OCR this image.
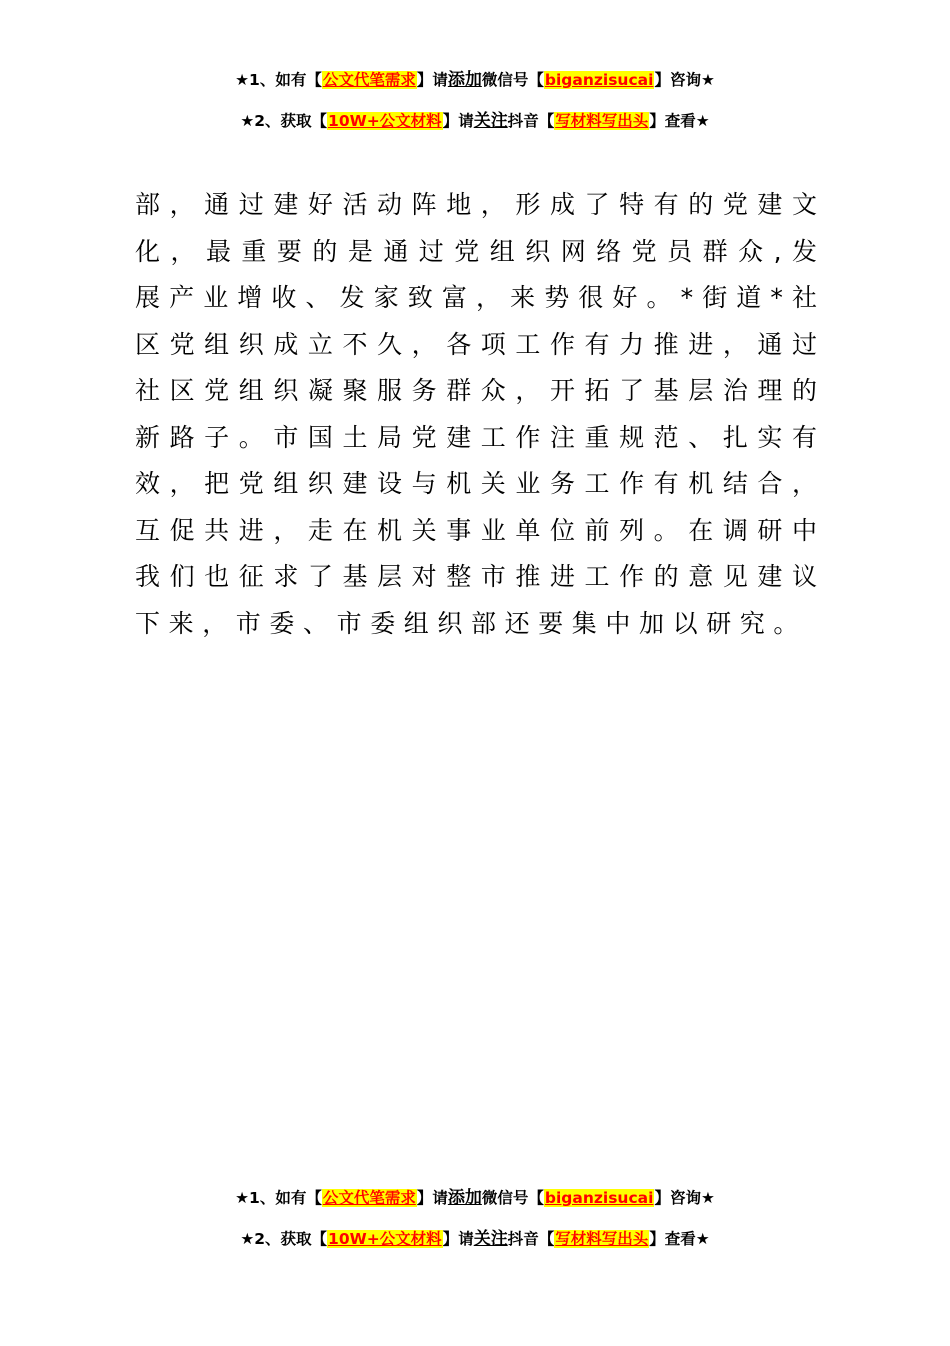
★1、如有【公文代笔需求】请添加微信号【biganzisucai】咨询★
★2、获取【10W+公文材料】请关注抖音【写材料写出头】查看★
部，通过建好活动阵地，形成了特有的党建文
化，最重要的是通过党组织网络党员群众,发
展产业增收、发家致富，来势很好。*街道*社
区党组织成立不久，各项工作有力推进，通过
社区党组织凝聚服务群众，开拓了基层治理的
新路子。市国土局党建工作注重规范、扎实有
效，把党组织建设与机关业务工作有机结合，
互促共进，走在机关事业单位前列。在调研中
我们也征求了基层对整市推进工作的意见建议
下来，市委、市委组织部还要集中加以研究。
★1、如有【公文代笔需求】请添加微信号【biganzisucai】咨询★
★2、获取【10W+公文材料】请关注抖音【写材料写出头】查看★
